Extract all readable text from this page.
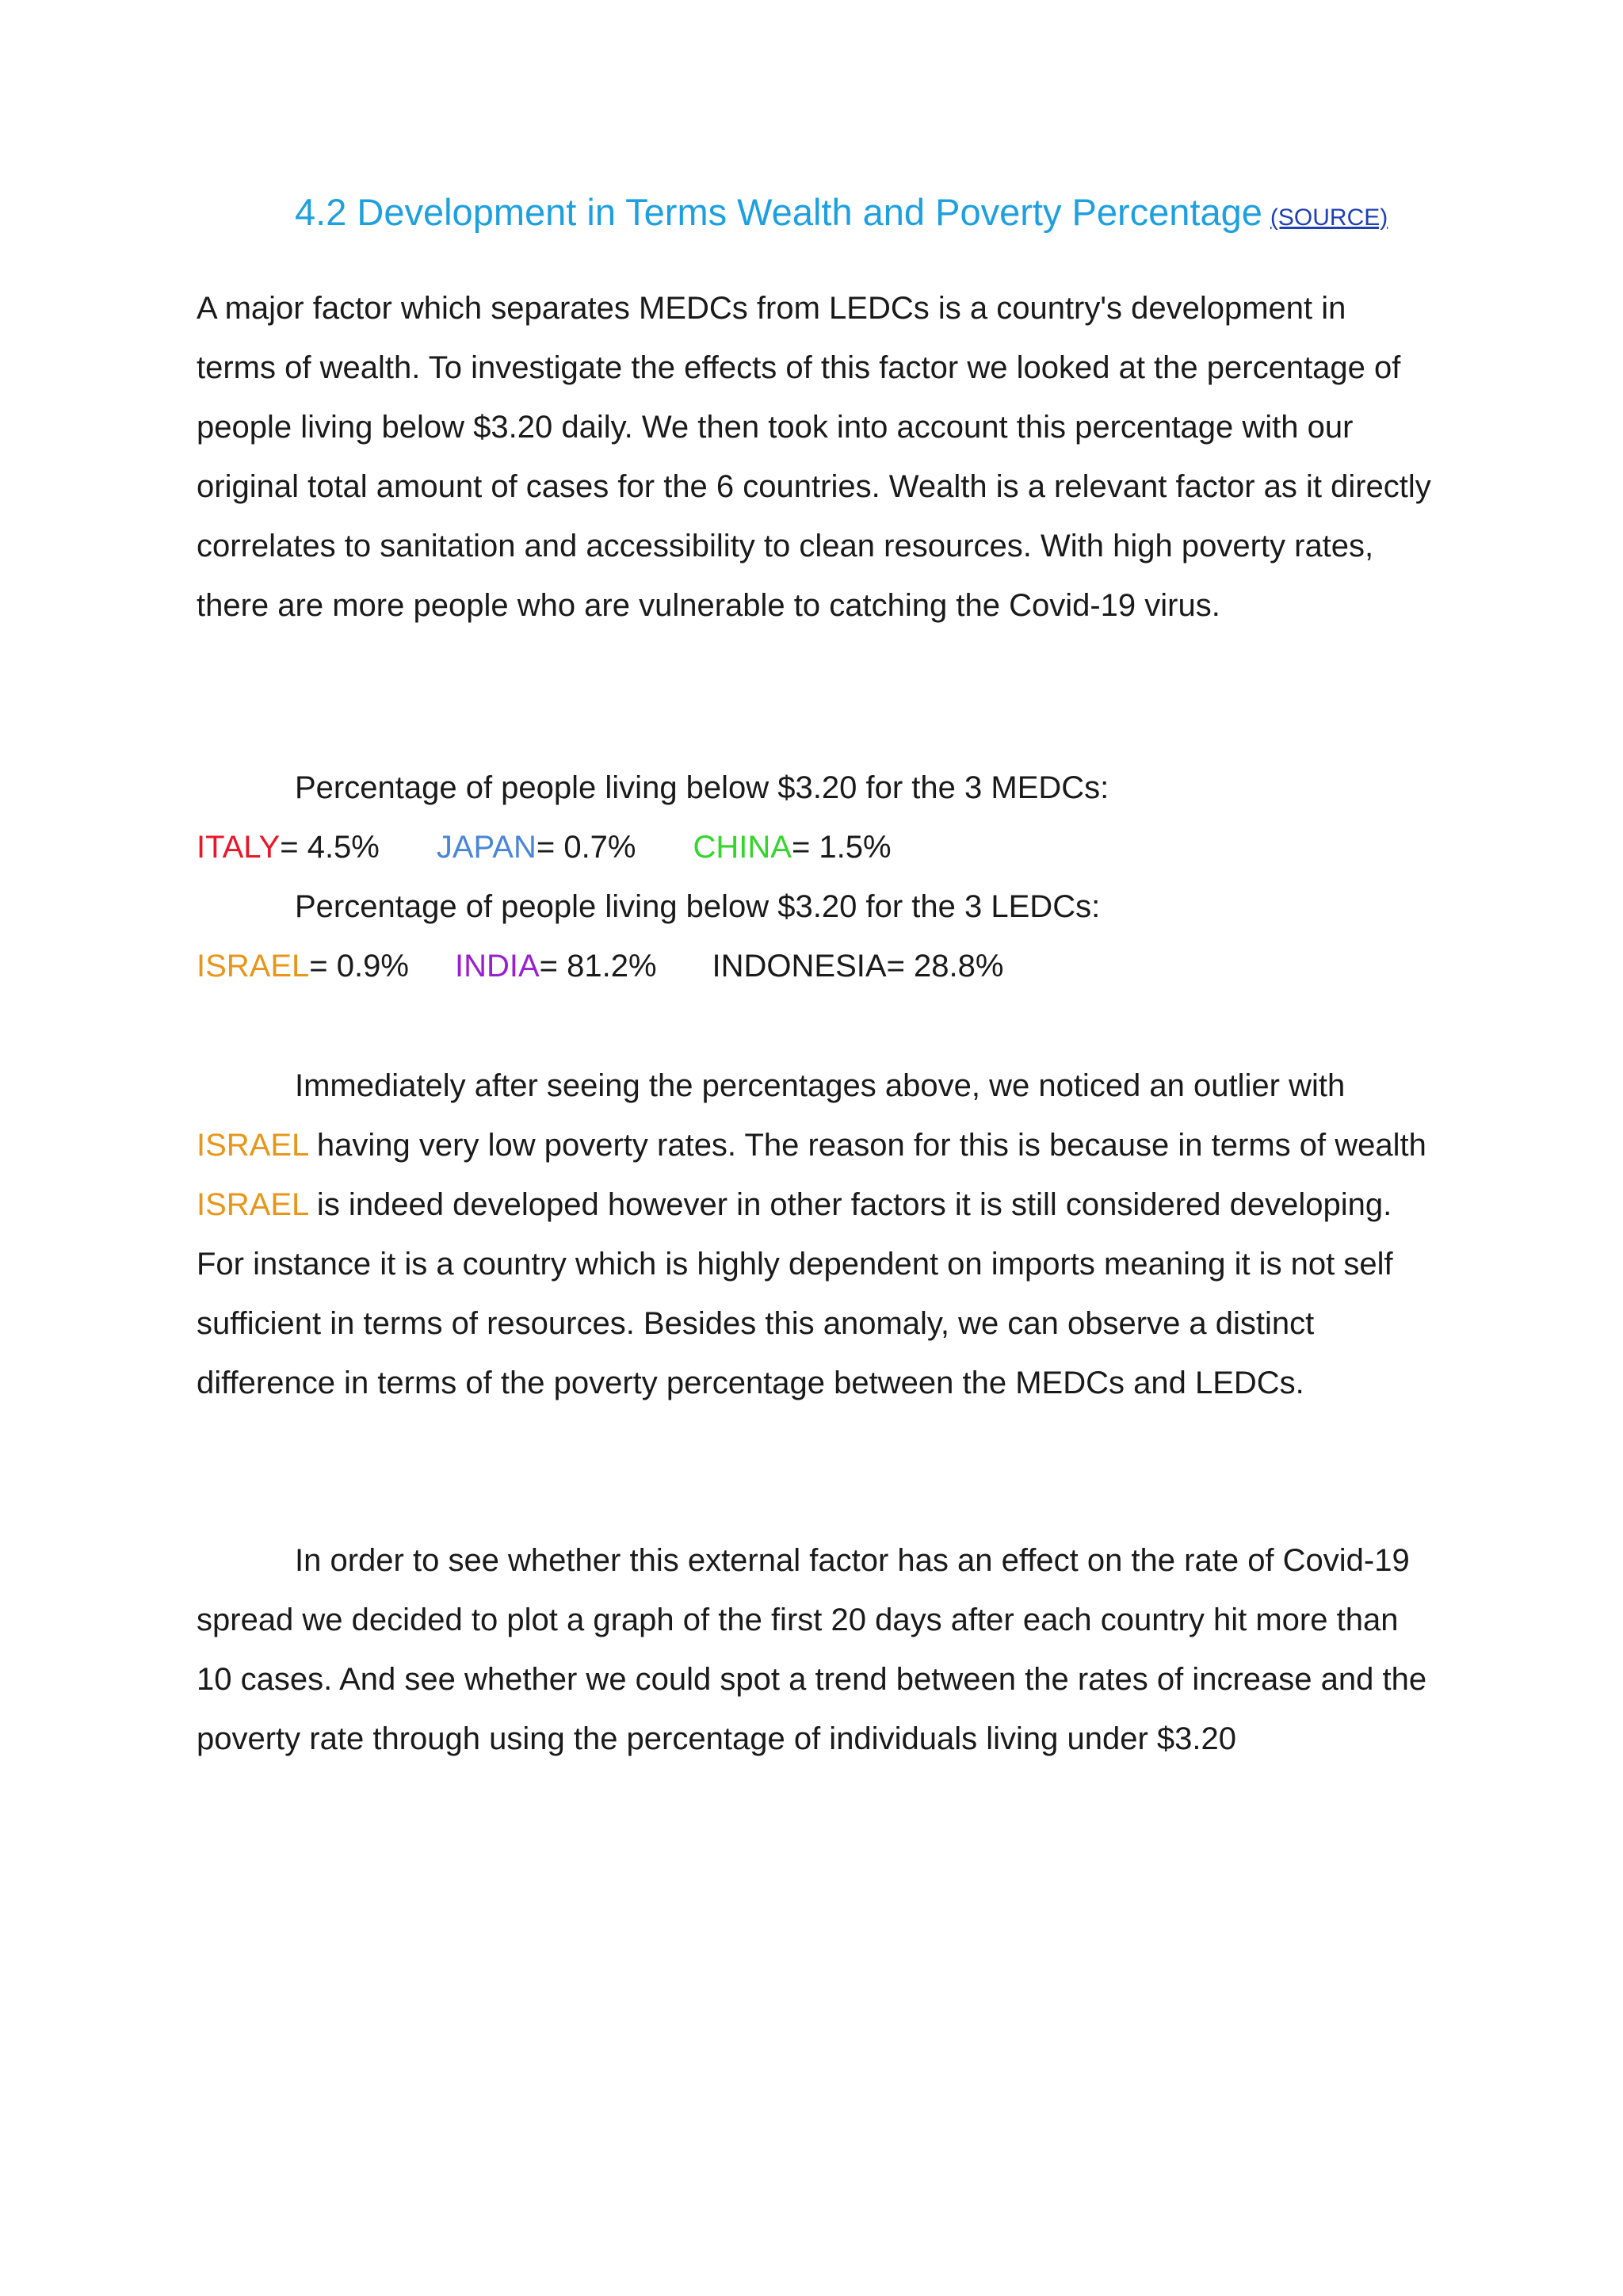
4.2 Development in Terms Wealth and Poverty Percentage (SOURCE)

A major factor which separates MEDCs from LEDCs is a country's development in terms of wealth. To investigate the effects of this factor we looked at the percentage of people living below $3.20 daily. We then took into account this percentage with our original total amount of cases for the 6 countries. Wealth is a relevant factor as it directly correlates to sanitation and accessibility to clean resources. With high poverty rates, there are more people who are vulnerable to catching the Covid-19 virus.

Percentage of people living below $3.20 for the 3 MEDCs:
ITALY= 4.5% JAPAN= 0.7% CHINA= 1.5%
Percentage of people living below $3.20 for the 3 LEDCs:
ISRAEL= 0.9% INDIA= 81.2% INDONESIA= 28.8%

Immediately after seeing the percentages above, we noticed an outlier with ISRAEL having very low poverty rates. The reason for this is because in terms of wealth ISRAEL is indeed developed however in other factors it is still considered developing. For instance it is a country which is highly dependent on imports meaning it is not self sufficient in terms of resources. Besides this anomaly, we can observe a distinct difference in terms of the poverty percentage between the MEDCs and LEDCs.

In order to see whether this external factor has an effect on the rate of Covid-19 spread we decided to plot a graph of the first 20 days after each country hit more than 10 cases. And see whether we could spot a trend between the rates of increase and the poverty rate through using the percentage of individuals living under $3.20
